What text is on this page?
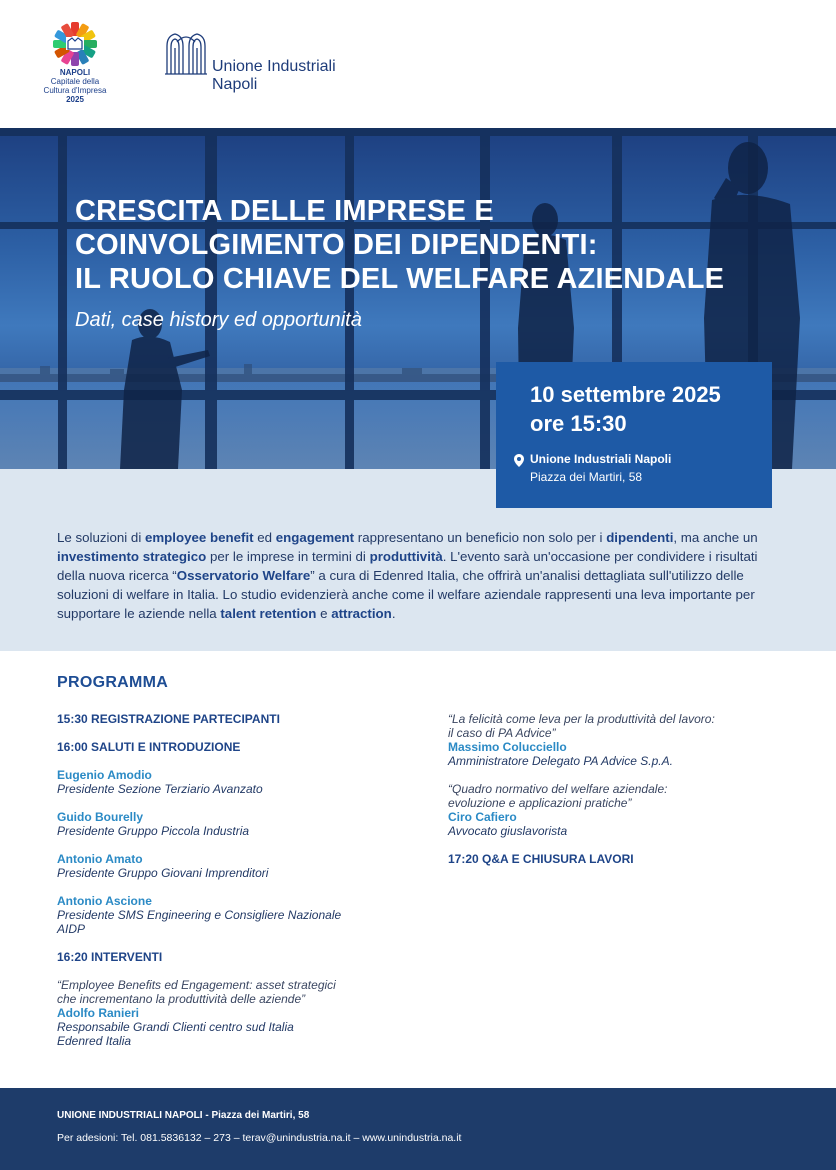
NAPOLI
Capitale della
Cultura d'Impresa
2025
Unione Industriali
Napoli
CRESCITA DELLE IMPRESE E
COINVOLGIMENTO DEI DIPENDENTI:
IL RUOLO CHIAVE DEL WELFARE AZIENDALE
Dati, case history ed opportunità

Le soluzioni di employee benefit ed engagement rappresentano un beneficio non solo per i dipendenti, ma anche un investimento strategico per le imprese in termini di produttività. L'evento sarà un'occasione per condividere i risultati della nuova ricerca “Osservatorio Welfare” a cura di Edenred Italia, che offrirà un'analisi dettagliata sull'utilizzo delle soluzioni di welfare in Italia. Lo studio evidenzierà anche come il welfare aziendale rappresenti una leva importante per supportare le aziende nella talent retention e attraction.

10 settembre 2025
ore 15:30
Unione Industriali Napoli
Piazza dei Martiri, 58
PROGRAMMA
15:30 REGISTRAZIONE PARTECIPANTI
16:00 SALUTI E INTRODUZIONE
Eugenio Amodio
Presidente Sezione Terziario Avanzato
Guido Bourelly
Presidente Gruppo Piccola Industria
Antonio Amato
Presidente Gruppo Giovani Imprenditori
Antonio Ascione
Presidente SMS Engineering e Consigliere Nazionale
AIDP
16:20 INTERVENTI
“Employee Benefits ed Engagement: asset strategici
che incrementano la produttività delle aziende”
Adolfo Ranieri
Responsabile Grandi Clienti centro sud Italia
Edenred Italia
“La felicità come leva per la produttività del lavoro:
il caso di PA Advice”
Massimo Colucciello
Amministratore Delegato PA Advice S.p.A.
“Quadro normativo del welfare aziendale:
evoluzione e applicazioni pratiche”
Ciro Cafiero
Avvocato giuslavorista
17:20 Q&A E CHIUSURA LAVORI
UNIONE INDUSTRIALI NAPOLI - Piazza dei Martiri, 58
Per adesioni: Tel. 081.5836132 – 273 – terav@unindustria.na.it – www.unindustria.na.it
